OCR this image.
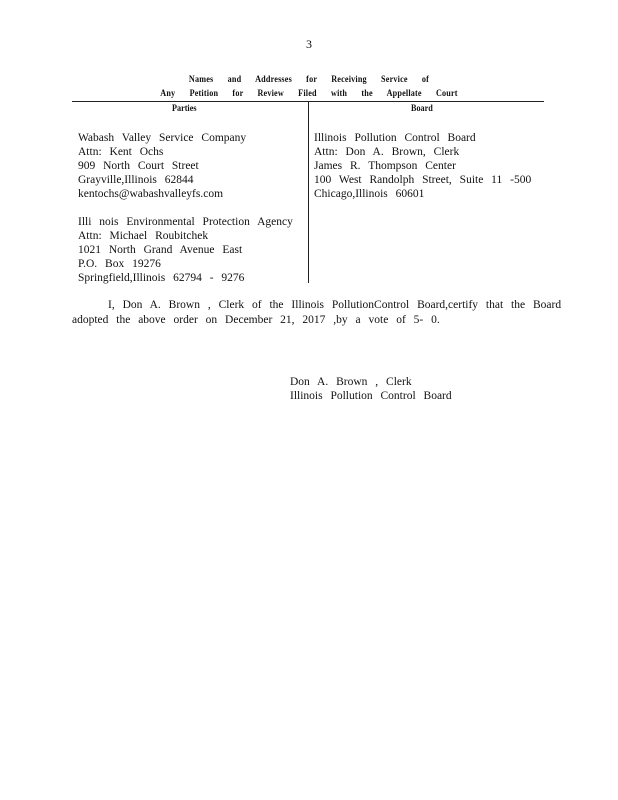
3
Names and Addresses for Receiving Service of
Any Petition for Review Filed with the Appellate Court
Parties	Board
Wabash Valley Service Company
Attn: Kent Ochs
909 North Court Street
Grayville,Illinois 62844
kentochs@wabashvalleyfs.com
Illi nois Environmental Protection Agency
Attn: Michael Roubitchek
1021 North Grand Avenue East
P.O. Box 19276
Springfield,Illinois 62794 - 9276
Illinois Pollution Control Board
Attn: Don A. Brown, Clerk
James R. Thompson Center
100 West Randolph Street, Suite 11 -500
Chicago,Illinois 60601
I, Don A. Brown , Clerk of the Illinois PollutionControl Board,certify that the Board
adopted the above order on December 21, 2017 ,by a vote of 5- 0.
Don A. Brown , Clerk
Illinois Pollution Control Board
